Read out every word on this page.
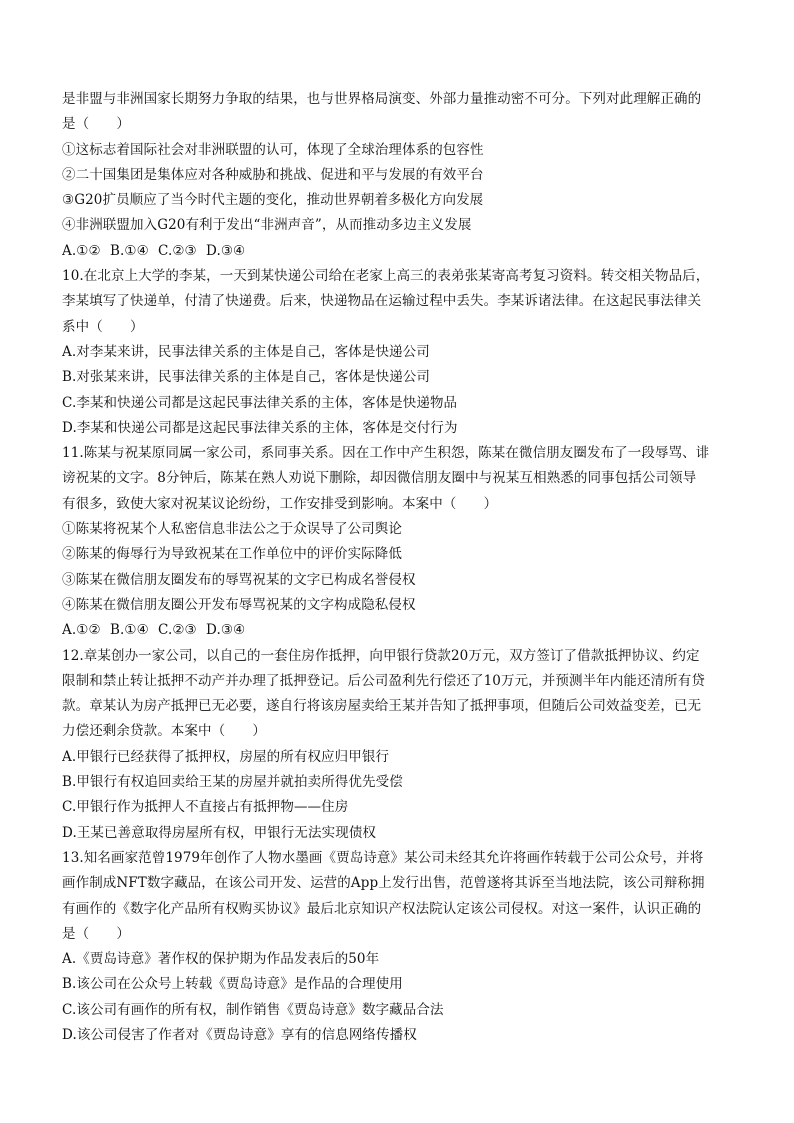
是非盟与非洲国家长期努力争取的结果，也与世界格局演变、外部力量推动密不可分。下列对此理解正确的
是（　　）
①这标志着国际社会对非洲联盟的认可，体现了全球治理体系的包容性
②二十国集团是集体应对各种威胁和挑战、促进和平与发展的有效平台
③G20扩员顺应了当今时代主题的变化，推动世界朝着多极化方向发展
④非洲联盟加入G20有利于发出“非洲声音”，从而推动多边主义发展
A.①② B.①④ C.②③ D.③④
10.在北京上大学的李某，一天到某快递公司给在老家上高三的表弟张某寄高考复习资料。转交相关物品后，
李某填写了快递单，付清了快递费。后来，快递物品在运输过程中丢失。李某诉诸法律。在这起民事法律关
系中（　　）
A.对李某来讲，民事法律关系的主体是自己，客体是快递公司
B.对张某来讲，民事法律关系的主体是自己，客体是快递公司
C.李某和快递公司都是这起民事法律关系的主体，客体是快递物品
D.李某和快递公司都是这起民事法律关系的主体，客体是交付行为
11.陈某与祝某原同属一家公司，系同事关系。因在工作中产生积怨，陈某在微信朋友圈发布了一段辱骂、诽
谤祝某的文字。8分钟后，陈某在熟人劝说下删除，却因微信朋友圈中与祝某互相熟悉的同事包括公司领导
有很多，致使大家对祝某议论纷纷，工作安排受到影响。本案中（　　）
①陈某将祝某个人私密信息非法公之于众误导了公司舆论
②陈某的侮辱行为导致祝某在工作单位中的评价实际降低
③陈某在微信朋友圈发布的辱骂祝某的文字已构成名誉侵权
④陈某在微信朋友圈公开发布辱骂祝某的文字构成隐私侵权
A.①② B.①④ C.②③ D.③④
12.章某创办一家公司，以自己的一套住房作抵押，向甲银行贷款20万元，双方签订了借款抵押协议、约定
限制和禁止转让抵押不动产并办理了抵押登记。后公司盈利先行偿还了10万元，并预测半年内能还清所有贷
款。章某认为房产抵押已无必要，遂自行将该房屋卖给王某并告知了抵押事项，但随后公司效益变差，已无
力偿还剩余贷款。本案中（　　）
A.甲银行已经获得了抵押权，房屋的所有权应归甲银行
B.甲银行有权追回卖给王某的房屋并就拍卖所得优先受偿
C.甲银行作为抵押人不直接占有抵押物——住房
D.王某已善意取得房屋所有权，甲银行无法实现债权
13.知名画家范曾1979年创作了人物水墨画《贾岛诗意》某公司未经其允许将画作转载于公司公众号，并将
画作制成NFT数字藏品，在该公司开发、运营的App上发行出售，范曾遂将其诉至当地法院，该公司辩称拥
有画作的《数字化产品所有权购买协议》最后北京知识产权法院认定该公司侵权。对这一案件，认识正确的
是（　　）
A.《贾岛诗意》著作权的保护期为作品发表后的50年
B.该公司在公众号上转载《贾岛诗意》是作品的合理使用
C.该公司有画作的所有权，制作销售《贾岛诗意》数字藏品合法
D.该公司侵害了作者对《贾岛诗意》享有的信息网络传播权
